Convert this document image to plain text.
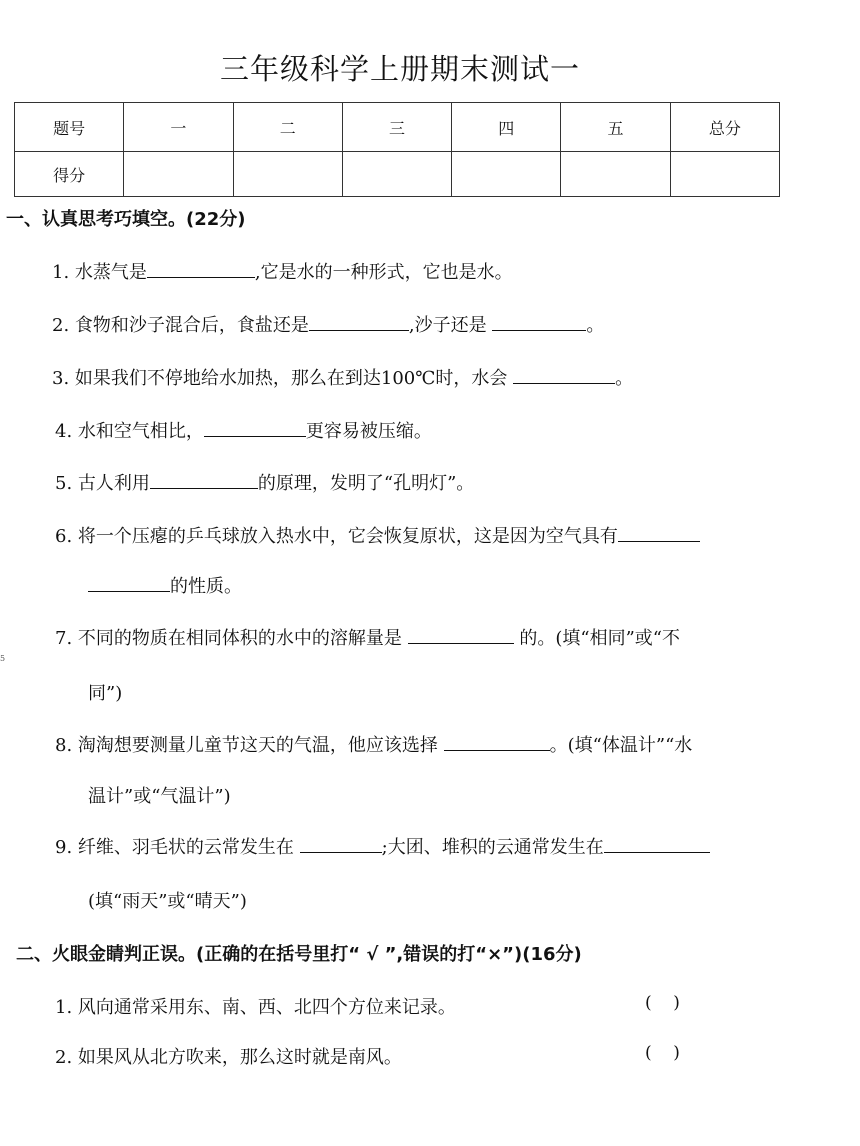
三年级科学上册期末测试一
题号	一	二	三	四	五	总分
得分						
一、认真思考巧填空。(22分)
1. 水蒸气是	,它是水的一种形式，它也是水。
2. 食物和沙子混合后，食盐还是	,沙子还是	。
3. 如果我们不停地给水加热，那么在到达100℃时，水会	。
4. 水和空气相比，	更容易被压缩。
5. 古人利用	的原理，发明了“孔明灯”。
6. 将一个压瘪的乒乓球放入热水中，它会恢复原状，这是因为空气具有
的性质。
7. 不同的物质在相同体积的水中的溶解量是	的。(填“相同”或“不
同”)
8. 淘淘想要测量儿童节这天的气温，他应该选择	。(填“体温计”“水
温计”或“气温计”)
9. 纤维、羽毛状的云常发生在	;大团、堆积的云通常发生在
(填“雨天”或“晴天”)
二、火眼金睛判正误。(正确的在括号里打“ √ ”,错误的打“×”)(16分)
1. 风向通常采用东、南、西、北四个方位来记录。	(    )
2. 如果风从北方吹来，那么这时就是南风。	(    )
5
